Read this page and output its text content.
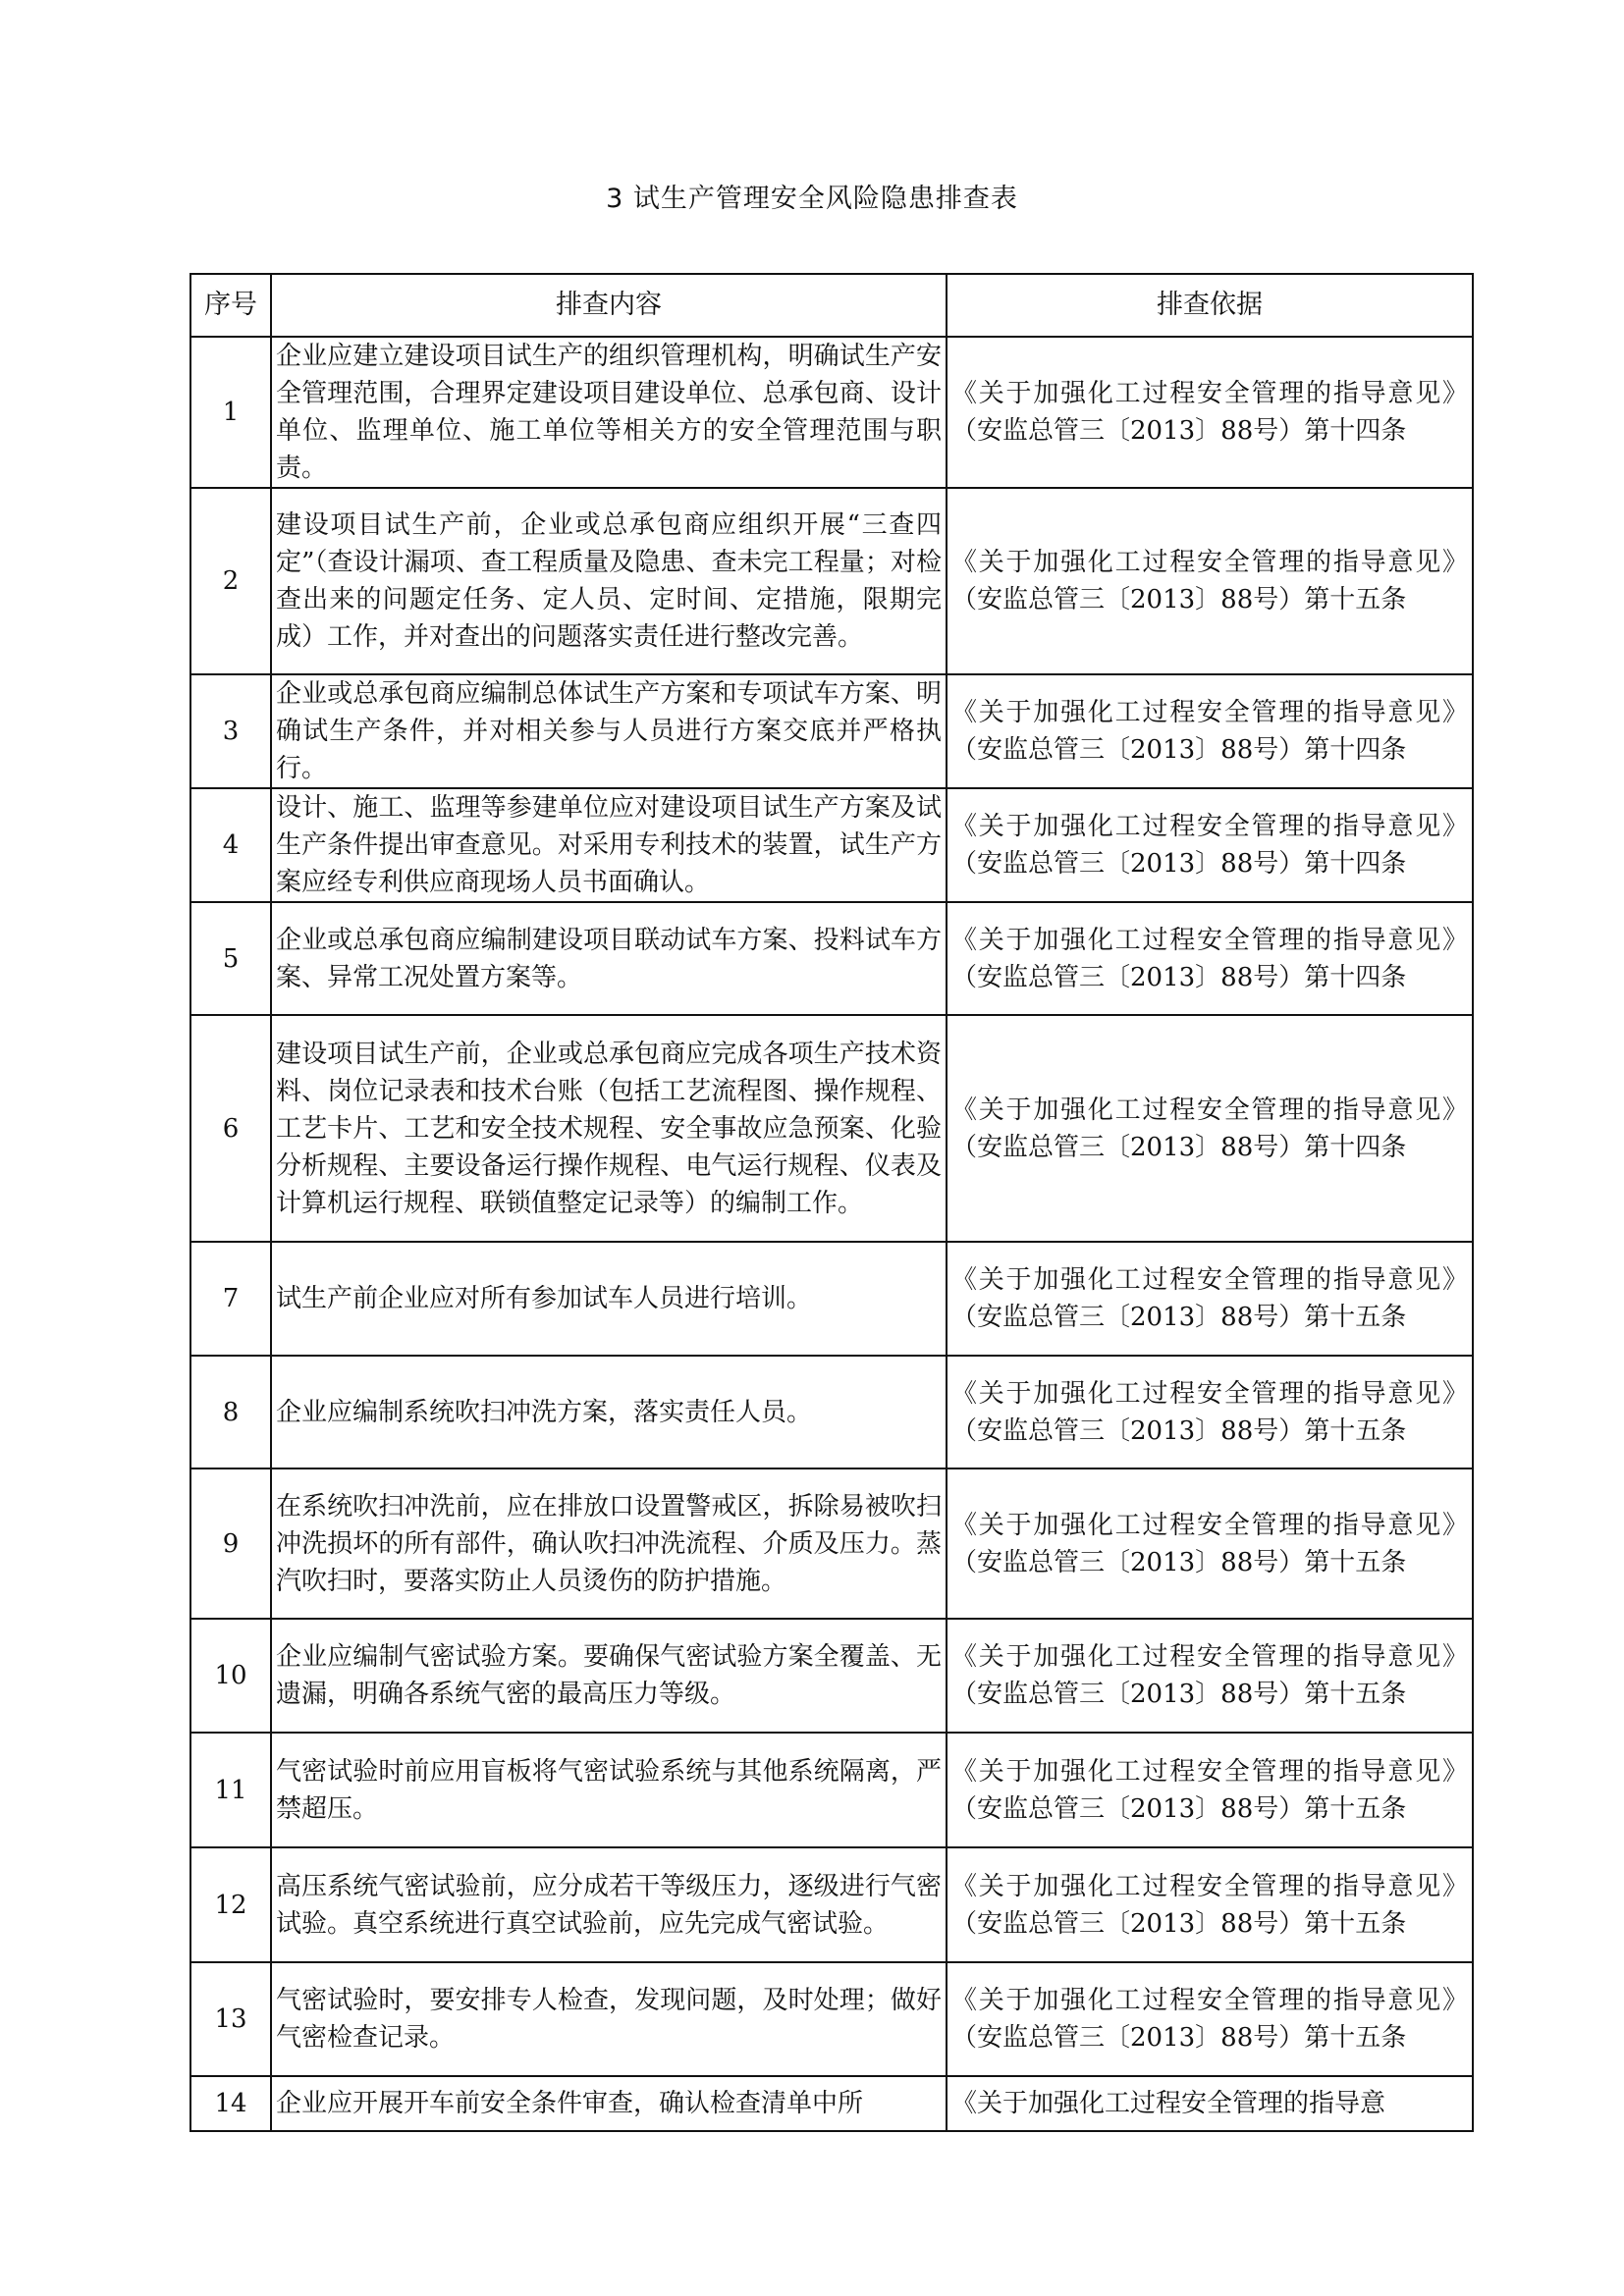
3 试生产管理安全风险隐患排查表
序号	排查内容	排查依据
1	企业应建立建设项目试生产的组织管理机构，明确试生产安全管理范围，合理界定建设项目建设单位、总承包商、设计单位、监理单位、施工单位等相关方的安全管理范围与职责。	《关于加强化工过程安全管理的指导意见》（安监总管三〔2013〕88号）第十四条
2	建设项目试生产前，企业或总承包商应组织开展“三查四定”（查设计漏项、查工程质量及隐患、查未完工程量；对检查出来的问题定任务、定人员、定时间、定措施，限期完成）工作，并对查出的问题落实责任进行整改完善。	《关于加强化工过程安全管理的指导意见》（安监总管三〔2013〕88号）第十五条
3	企业或总承包商应编制总体试生产方案和专项试车方案、明确试生产条件，并对相关参与人员进行方案交底并严格执行。	《关于加强化工过程安全管理的指导意见》（安监总管三〔2013〕88号）第十四条
4	设计、施工、监理等参建单位应对建设项目试生产方案及试生产条件提出审查意见。对采用专利技术的装置，试生产方案应经专利供应商现场人员书面确认。	《关于加强化工过程安全管理的指导意见》（安监总管三〔2013〕88号）第十四条
5	企业或总承包商应编制建设项目联动试车方案、投料试车方案、异常工况处置方案等。	《关于加强化工过程安全管理的指导意见》（安监总管三〔2013〕88号）第十四条
6	建设项目试生产前，企业或总承包商应完成各项生产技术资料、岗位记录表和技术台账（包括工艺流程图、操作规程、工艺卡片、工艺和安全技术规程、安全事故应急预案、化验分析规程、主要设备运行操作规程、电气运行规程、仪表及计算机运行规程、联锁值整定记录等）的编制工作。	《关于加强化工过程安全管理的指导意见》（安监总管三〔2013〕88号）第十四条
7	试生产前企业应对所有参加试车人员进行培训。	《关于加强化工过程安全管理的指导意见》（安监总管三〔2013〕88号）第十五条
8	企业应编制系统吹扫冲洗方案，落实责任人员。	《关于加强化工过程安全管理的指导意见》（安监总管三〔2013〕88号）第十五条
9	在系统吹扫冲洗前，应在排放口设置警戒区，拆除易被吹扫冲洗损坏的所有部件，确认吹扫冲洗流程、介质及压力。蒸汽吹扫时，要落实防止人员烫伤的防护措施。	《关于加强化工过程安全管理的指导意见》（安监总管三〔2013〕88号）第十五条
10	企业应编制气密试验方案。要确保气密试验方案全覆盖、无遗漏，明确各系统气密的最高压力等级。	《关于加强化工过程安全管理的指导意见》（安监总管三〔2013〕88号）第十五条
11	气密试验时前应用盲板将气密试验系统与其他系统隔离，严禁超压。	《关于加强化工过程安全管理的指导意见》（安监总管三〔2013〕88号）第十五条
12	高压系统气密试验前，应分成若干等级压力，逐级进行气密试验。真空系统进行真空试验前，应先完成气密试验。	《关于加强化工过程安全管理的指导意见》（安监总管三〔2013〕88号）第十五条
13	气密试验时，要安排专人检查，发现问题，及时处理；做好气密检查记录。	《关于加强化工过程安全管理的指导意见》（安监总管三〔2013〕88号）第十五条
14	企业应开展开车前安全条件审查，确认检查清单中所	《关于加强化工过程安全管理的指导意
